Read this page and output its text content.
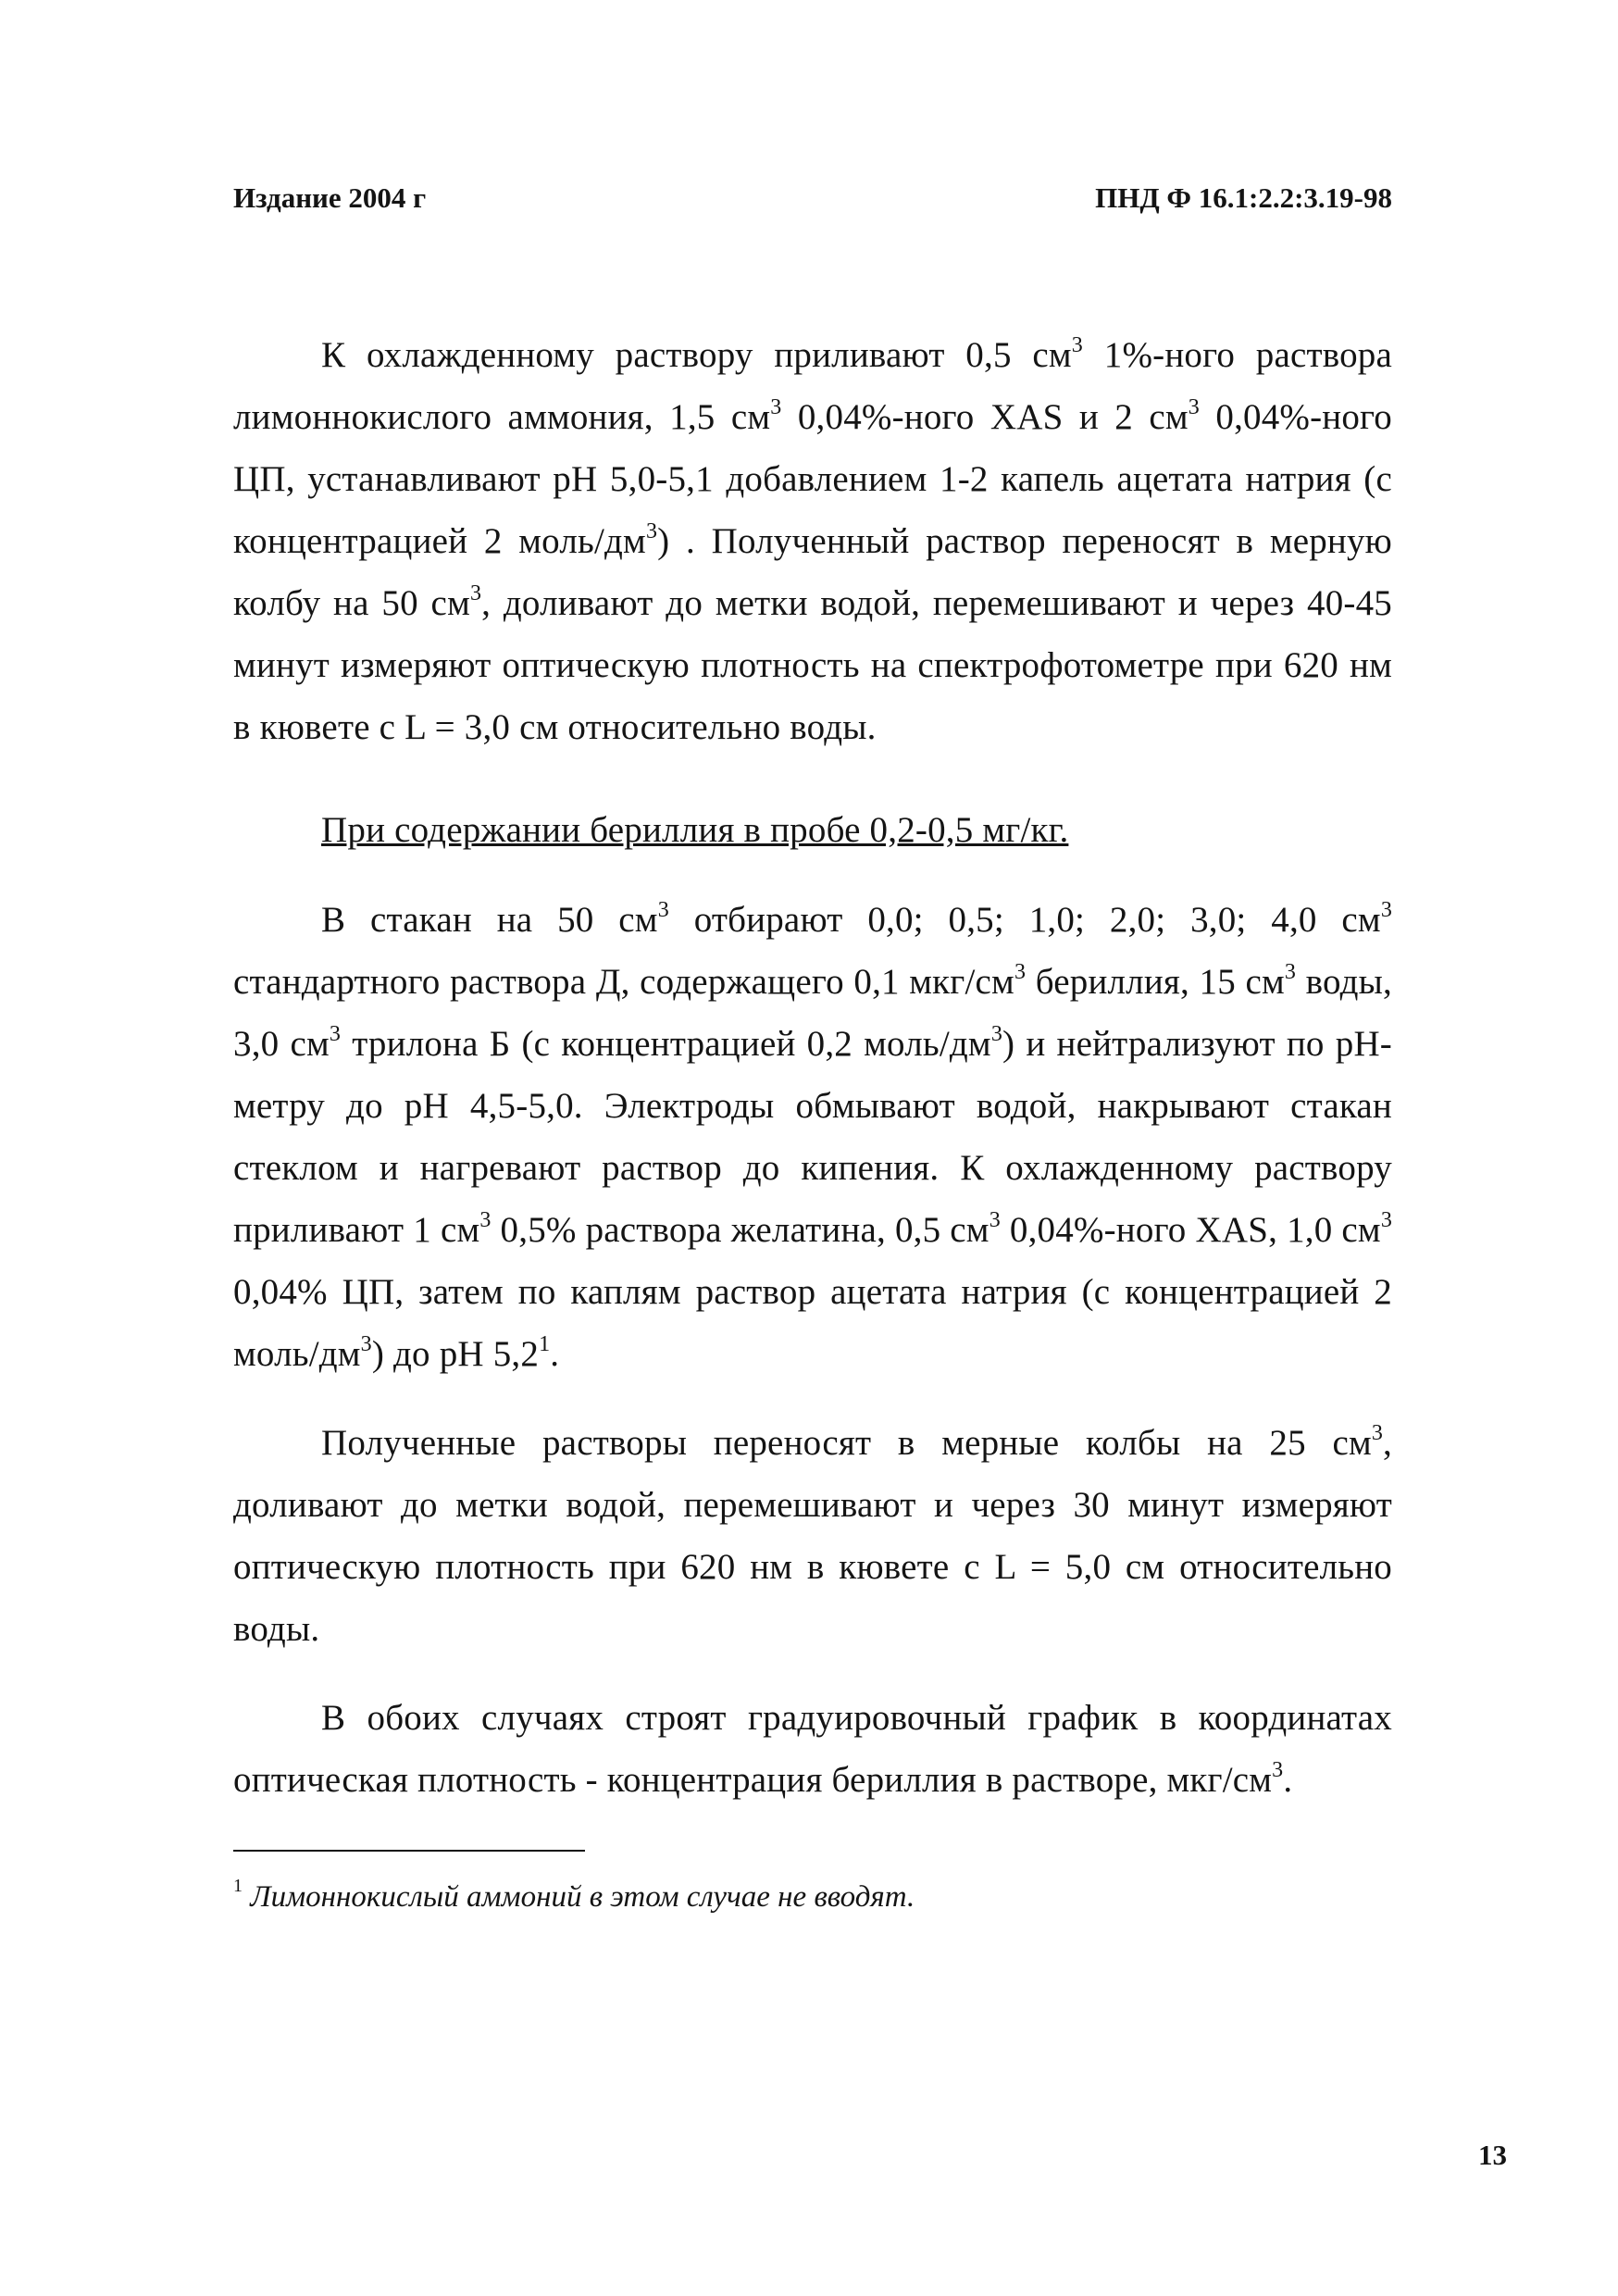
Издание 2004 г	ПНД Ф 16.1:2.2:3.19-98

К охлажденному раствору приливают 0,5 $см^3$ 1%-ного раствора лимоннокислого аммония, 1,5 $см^3$ 0,04%-ного XAS и 2 $см^3$ 0,04%-ного ЦП, устанавливают рН 5,0-5,1 добавлением 1-2 капель ацетата натрия (с концентрацией 2 моль/$дм^3$) . Полученный раствор переносят в мерную колбу на 50 $см^3$, доливают до метки водой, перемешивают и через 40-45 минут измеряют оптическую плотность на спектрофотометре при 620 нм в кювете с L = 3,0 см относительно воды.

При содержании бериллия в пробе 0,2-0,5 мг/кг.

В стакан на 50 $см^3$ отбирают 0,0; 0,5; 1,0; 2,0; 3,0; 4,0 $см^3$ стандартного раствора Д, содержащего 0,1 мкг/$см^3$ бериллия, 15 $см^3$ воды, 3,0 $см^3$ трилона Б (с концентрацией 0,2 моль/$дм^3$) и нейтрализуют по рН-метру до рН 4,5-5,0. Электроды обмывают водой, накрывают стакан стеклом и нагревают раствор до кипения. К охлажденному раствору приливают 1 $см^3$ 0,5% раствора желатина, 0,5 $см^3$ 0,04%-ного XAS, 1,0 $см^3$ 0,04% ЦП, затем по каплям раствор ацетата натрия (с концентрацией 2 моль/$дм^3$) до рН $5,2^1$.

Полученные растворы переносят в мерные колбы на 25 $см^3$, доливают до метки водой, перемешивают и через 30 минут измеряют оптическую плотность при 620 нм в кювете с L = 5,0 см относительно воды.

В обоих случаях строят градуировочный график в координатах оптическая плотность - концентрация бериллия в растворе, мкг/$см^3$.

$^1$ Лимоннокислый аммоний в этом случае не вводят.
13
